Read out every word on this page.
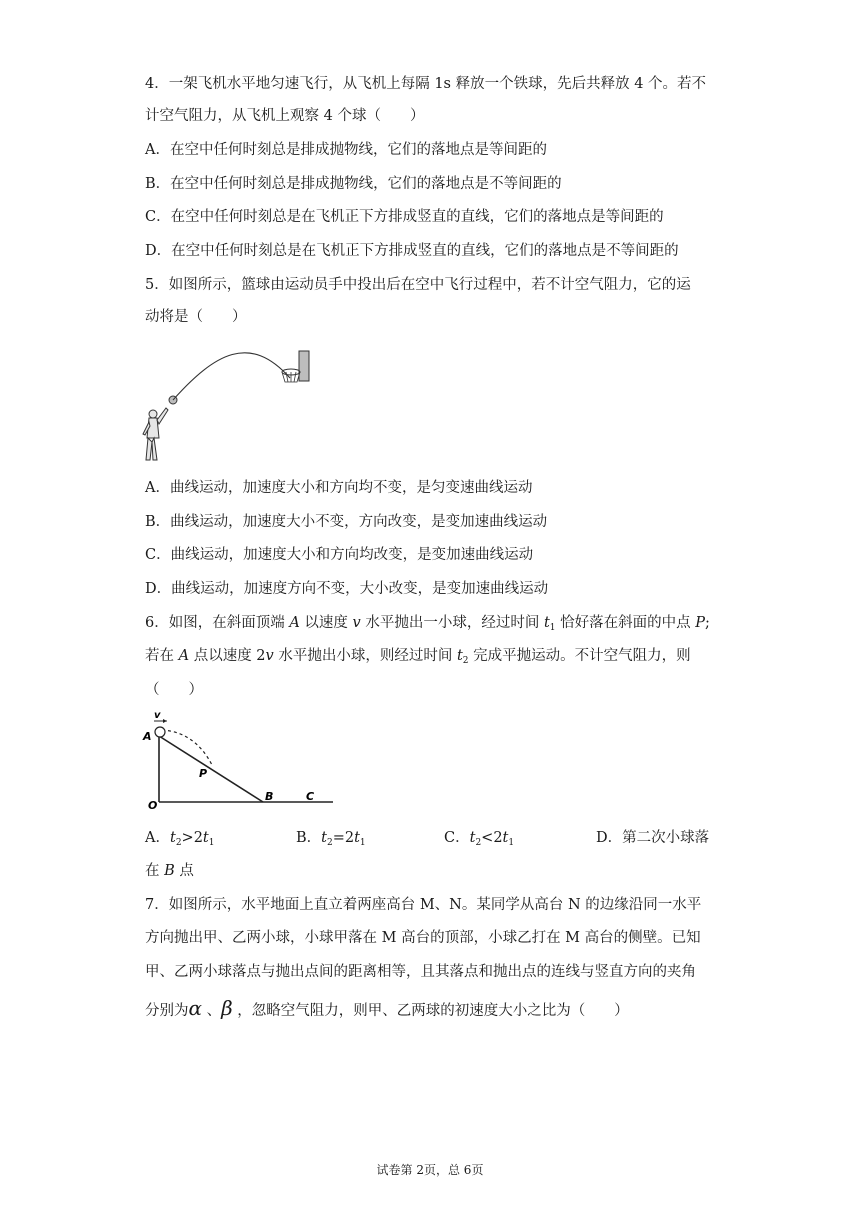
4．一架飞机水平地匀速飞行，从飞机上每隔 1s 释放一个铁球，先后共释放 4 个。若不
计空气阻力，从飞机上观察 4 个球（　　）
A．在空中任何时刻总是排成抛物线，它们的落地点是等间距的
B．在空中任何时刻总是排成抛物线，它们的落地点是不等间距的
C．在空中任何时刻总是在飞机正下方排成竖直的直线，它们的落地点是等间距的
D．在空中任何时刻总是在飞机正下方排成竖直的直线，它们的落地点是不等间距的
5．如图所示，篮球由运动员手中投出后在空中飞行过程中，若不计空气阻力，它的运
动将是（　　）
A．曲线运动，加速度大小和方向均不变，是匀变速曲线运动
B．曲线运动，加速度大小不变，方向改变，是变加速曲线运动
C．曲线运动，加速度大小和方向均改变，是变加速曲线运动
D．曲线运动，加速度方向不变，大小改变，是变加速曲线运动
6．如图，在斜面顶端 A 以速度 v 水平抛出一小球，经过时间 $t_1$ 恰好落在斜面的中点 P;
若在 A 点以速度 2v 水平抛出小球，则经过时间 $t_2$ 完成平抛运动。不计空气阻力，则
（　　）
v
A
P
O
B	C
A．$t_2>2t_1$	B．$t_2=2t_1$	C．$t_2<2t_1$	D．第二次小球落
在 B 点
7．如图所示，水平地面上直立着两座高台 M、N。某同学从高台 N 的边缘沿同一水平
方向抛出甲、乙两小球，小球甲落在 M 高台的顶部，小球乙打在 M 高台的侧壁。已知
甲、乙两小球落点与抛出点间的距离相等，且其落点和抛出点的连线与竖直方向的夹角
分别为α 、β ，忽略空气阻力，则甲、乙两球的初速度大小之比为（　　）
试卷第 2页，总 6页
